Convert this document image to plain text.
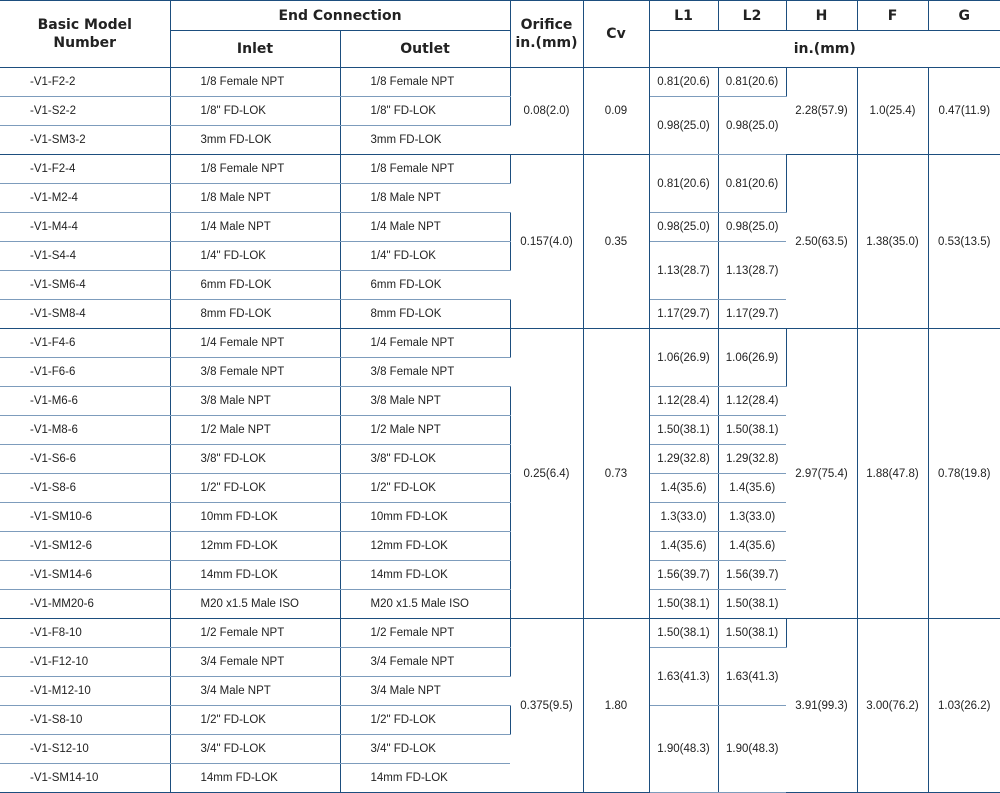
Basic Model
Number	End Connection		Orifice
in.(mm)	Cv	L1	L2	H	F	G
	Inlet	Outlet			in.(mm)				
-V1-F2-2	1/8 Female NPT	1/8 Female NPT	0.08(2.0)	0.09	0.81(20.6)	0.81(20.6)	2.28(57.9)	1.0(25.4)	0.47(11.9)
-V1-S2-2	1/8" FD-LOK	1/8" FD-LOK			0.98(25.0)	0.98(25.0)			
-V1-SM3-2	3mm FD-LOK	3mm FD-LOK							
-V1-F2-4	1/8 Female NPT	1/8 Female NPT	0.157(4.0)	0.35	0.81(20.6)	0.81(20.6)	2.50(63.5)	1.38(35.0)	0.53(13.5)
-V1-M2-4	1/8 Male NPT	1/8 Male NPT							
-V1-M4-4	1/4 Male NPT	1/4 Male NPT			0.98(25.0)	0.98(25.0)			
-V1-S4-4	1/4" FD-LOK	1/4" FD-LOK			1.13(28.7)	1.13(28.7)			
-V1-SM6-4	6mm FD-LOK	6mm FD-LOK							
-V1-SM8-4	8mm FD-LOK	8mm FD-LOK			1.17(29.7)	1.17(29.7)			
-V1-F4-6	1/4 Female NPT	1/4 Female NPT	0.25(6.4)	0.73	1.06(26.9)	1.06(26.9)	2.97(75.4)	1.88(47.8)	0.78(19.8)
-V1-F6-6	3/8 Female NPT	3/8 Female NPT							
-V1-M6-6	3/8 Male NPT	3/8 Male NPT			1.12(28.4)	1.12(28.4)			
-V1-M8-6	1/2 Male NPT	1/2 Male NPT			1.50(38.1)	1.50(38.1)			
-V1-S6-6	3/8" FD-LOK	3/8" FD-LOK			1.29(32.8)	1.29(32.8)			
-V1-S8-6	1/2" FD-LOK	1/2" FD-LOK			1.4(35.6)	1.4(35.6)			
-V1-SM10-6	10mm FD-LOK	10mm FD-LOK			1.3(33.0)	1.3(33.0)			
-V1-SM12-6	12mm FD-LOK	12mm FD-LOK			1.4(35.6)	1.4(35.6)			
-V1-SM14-6	14mm FD-LOK	14mm FD-LOK			1.56(39.7)	1.56(39.7)			
-V1-MM20-6	M20 x1.5 Male ISO	M20 x1.5 Male ISO			1.50(38.1)	1.50(38.1)			
-V1-F8-10	1/2 Female NPT	1/2 Female NPT	0.375(9.5)	1.80	1.50(38.1)	1.50(38.1)	3.91(99.3)	3.00(76.2)	1.03(26.2)
-V1-F12-10	3/4 Female NPT	3/4 Female NPT			1.63(41.3)	1.63(41.3)			
-V1-M12-10	3/4 Male NPT	3/4 Male NPT							
-V1-S8-10	1/2" FD-LOK	1/2" FD-LOK			1.90(48.3)	1.90(48.3)			
-V1-S12-10	3/4" FD-LOK	3/4" FD-LOK							
-V1-SM14-10	14mm FD-LOK	14mm FD-LOK							
